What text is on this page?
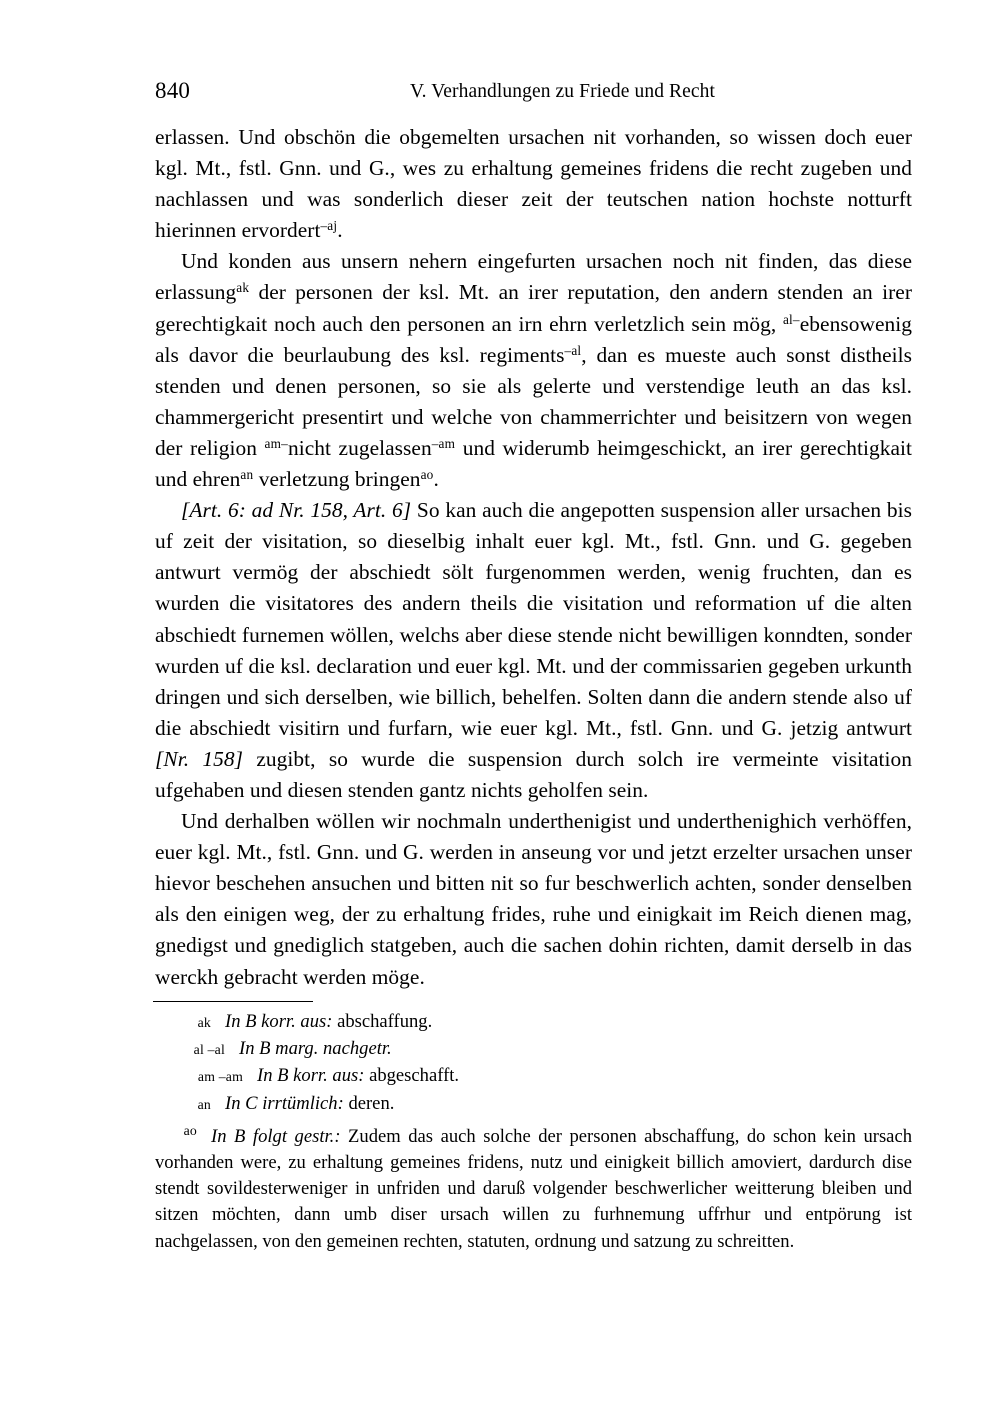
840	V. Verhandlungen zu Friede und Recht

erlassen. Und obschön die obgemelten ursachen nit vorhanden, so wissen doch euer kgl. Mt., fstl. Gnn. und G., wes zu erhaltung gemeines fridens die recht zugeben und nachlassen und was sonderlich dieser zeit der teutschen nation hochste notturft hierinnen ervordert$^{-aj}$.

Und konden aus unsern nehern eingefurten ursachen noch nit finden, das diese erlassung$^{ak}$ der personen der ksl. Mt. an irer reputation, den andern stenden an irer gerechtigkait noch auch den personen an irn ehrn verletzlich sein mög, $^{al-}$ebensowenig als davor die beurlaubung des ksl. regiments$^{-al}$, dan es mueste auch sonst distheils stenden und denen personen, so sie als gelerte und verstendige leuth an das ksl. chammergericht presentirt und welche von chammerrichter und beisitzern von wegen der religion $^{am-}$nicht zugelassen$^{-am}$ und widerumb heimgeschickt, an irer gerechtigkait und ehren$^{an}$ verletzung bringen$^{ao}$.

[Art. 6: ad Nr. 158, Art. 6] So kan auch die angepotten suspension aller ursachen bis uf zeit der visitation, so dieselbig inhalt euer kgl. Mt., fstl. Gnn. und G. gegeben antwurt vermög der abschiedt sölt furgenommen werden, wenig fruchten, dan es wurden die visitatores des andern theils die visitation und reformation uf die alten abschiedt furnemen wöllen, welchs aber diese stende nicht bewilligen konndten, sonder wurden uf die ksl. declaration und euer kgl. Mt. und der commissarien gegeben urkunth dringen und sich derselben, wie billich, behelfen. Solten dann die andern stende also uf die abschiedt visitirn und furfarn, wie euer kgl. Mt., fstl. Gnn. und G. jetzig antwurt [Nr. 158] zugibt, so wurde die suspension durch solch ire vermeinte visitation ufgehaben und diesen stenden gantz nichts geholfen sein.

Und derhalben wöllen wir nochmaln underthenigist und underthenighich verhöffen, euer kgl. Mt., fstl. Gnn. und G. werden in anseung vor und jetzt erzelter ursachen unser hievor beschehen ansuchen und bitten nit so fur beschwerlich achten, sonder denselben als den einigen weg, der zu erhaltung frides, ruhe und einigkait im Reich dienen mag, gnedigst und gnediglich statgeben, auch die sachen dohin richten, damit derselb in das werckh gebracht werden möge.

ak In B korr. aus: abschaffung.
al –al In B marg. nachgetr.
am –am In B korr. aus: abgeschafft.
an In C irrtümlich: deren.
ao In B folgt gestr.: Zudem das auch solche der personen abschaffung, do schon kein ursach vorhanden were, zu erhaltung gemeines fridens, nutz und einigkeit billich amoviert, dardurch dise stendt sovildesterweniger in unfriden und daruß volgender beschwerlicher weitterung bleiben und sitzen möchten, dann umb diser ursach willen zu furhnemung uffrhur und entpörung ist nachgelassen, von den gemeinen rechten, statuten, ordnung und satzung zu schreitten.
